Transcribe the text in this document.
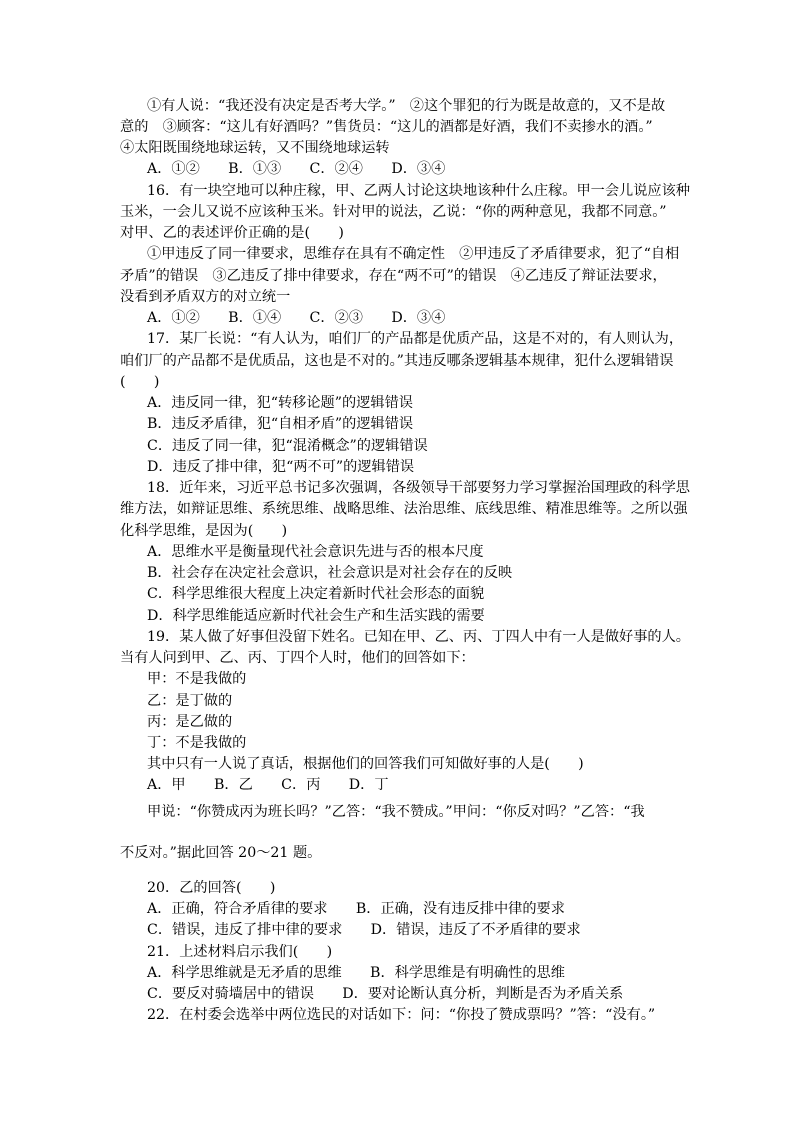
①有人说：“我还没有决定是否考大学。”　②这个罪犯的行为既是故意的，又不是故
意的　③顾客：“这儿有好酒吗？”售货员：“这儿的酒都是好酒，我们不卖掺水的酒。”
④太阳既围绕地球运转，又不围绕地球运转
A．①②　　B．①③　　C．②④　　D．③④
16．有一块空地可以种庄稼，甲、乙两人讨论这块地该种什么庄稼。甲一会儿说应该种
玉米，一会儿又说不应该种玉米。针对甲的说法，乙说：“你的两种意见，我都不同意。”
对甲、乙的表述评价正确的是(　　)
①甲违反了同一律要求，思维存在具有不确定性　②甲违反了矛盾律要求，犯了“自相
矛盾”的错误　③乙违反了排中律要求，存在“两不可”的错误　④乙违反了辩证法要求，
没看到矛盾双方的对立统一
A．①②　　B．①④　　C．②③　　D．③④
17．某厂长说：“有人认为，咱们厂的产品都是优质产品，这是不对的，有人则认为，
咱们厂的产品都不是优质品，这也是不对的。”其违反哪条逻辑基本规律，犯什么逻辑错误
(　　)
A．违反同一律，犯“转移论题”的逻辑错误
B．违反矛盾律，犯“自相矛盾”的逻辑错误
C．违反了同一律，犯“混淆概念”的逻辑错误
D．违反了排中律，犯“两不可”的逻辑错误
18．近年来，习近平总书记多次强调，各级领导干部要努力学习掌握治国理政的科学思
维方法，如辩证思维、系统思维、战略思维、法治思维、底线思维、精准思维等。之所以强
化科学思维，是因为(　　)
A．思维水平是衡量现代社会意识先进与否的根本尺度
B．社会存在决定社会意识，社会意识是对社会存在的反映
C．科学思维很大程度上决定着新时代社会形态的面貌
D．科学思维能适应新时代社会生产和生活实践的需要
19．某人做了好事但没留下姓名。已知在甲、乙、丙、丁四人中有一人是做好事的人。
当有人问到甲、乙、丙、丁四个人时，他们的回答如下：
甲：不是我做的
乙：是丁做的
丙：是乙做的
丁：不是我做的
其中只有一人说了真话，根据他们的回答我们可知做好事的人是(　　)
A．甲　　B．乙　　C．丙　　D．丁
甲说：“你赞成丙为班长吗？”乙答：“我不赞成。”甲问：“你反对吗？”乙答：“我
不反对。”据此回答 20～21 题。
20．乙的回答(　　)
A．正确，符合矛盾律的要求　　B．正确，没有违反排中律的要求
C．错误，违反了排中律的要求　　D．错误，违反了不矛盾律的要求
21．上述材料启示我们(　　)
A．科学思维就是无矛盾的思维　　B．科学思维是有明确性的思维
C．要反对骑墙居中的错误　　D．要对论断认真分析，判断是否为矛盾关系
22．在村委会选举中两位选民的对话如下：问：“你投了赞成票吗？”答：“没有。”
